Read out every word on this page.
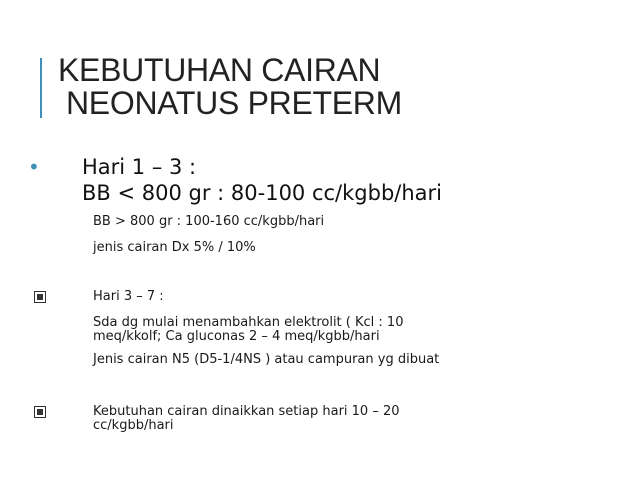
KEBUTUHAN CAIRAN
NEONATUS PRETERM
• Hari 1 – 3 :
BB < 800 gr : 80-100 cc/kgbb/hari
BB > 800 gr : 100-160 cc/kgbb/hari
jenis cairan Dx 5% / 10%
Hari 3 – 7 :
Sda dg mulai menambahkan elektrolit ( Kcl : 10
meq/kkolf; Ca gluconas 2 – 4 meq/kgbb/hari
Jenis cairan N5 (D5-1/4NS ) atau campuran yg dibuat
Kebutuhan cairan dinaikkan setiap hari 10 – 20
cc/kgbb/hari
